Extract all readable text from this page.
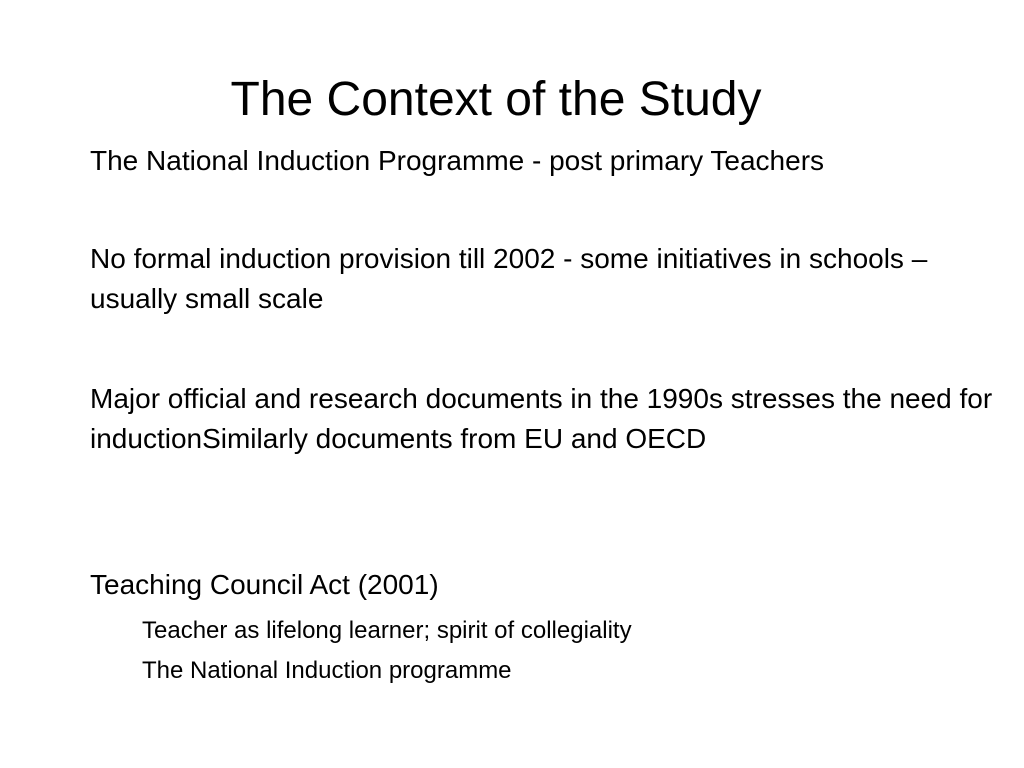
The Context of the Study

The National Induction Programme - post primary Teachers

No formal induction provision till 2002 - some initiatives in schools – usually small scale

Major official and research documents in the 1990s stresses the need for inductionSimilarly documents from EU and OECD

Teaching Council Act (2001)

Teacher as lifelong learner; spirit of collegiality

The National Induction programme
